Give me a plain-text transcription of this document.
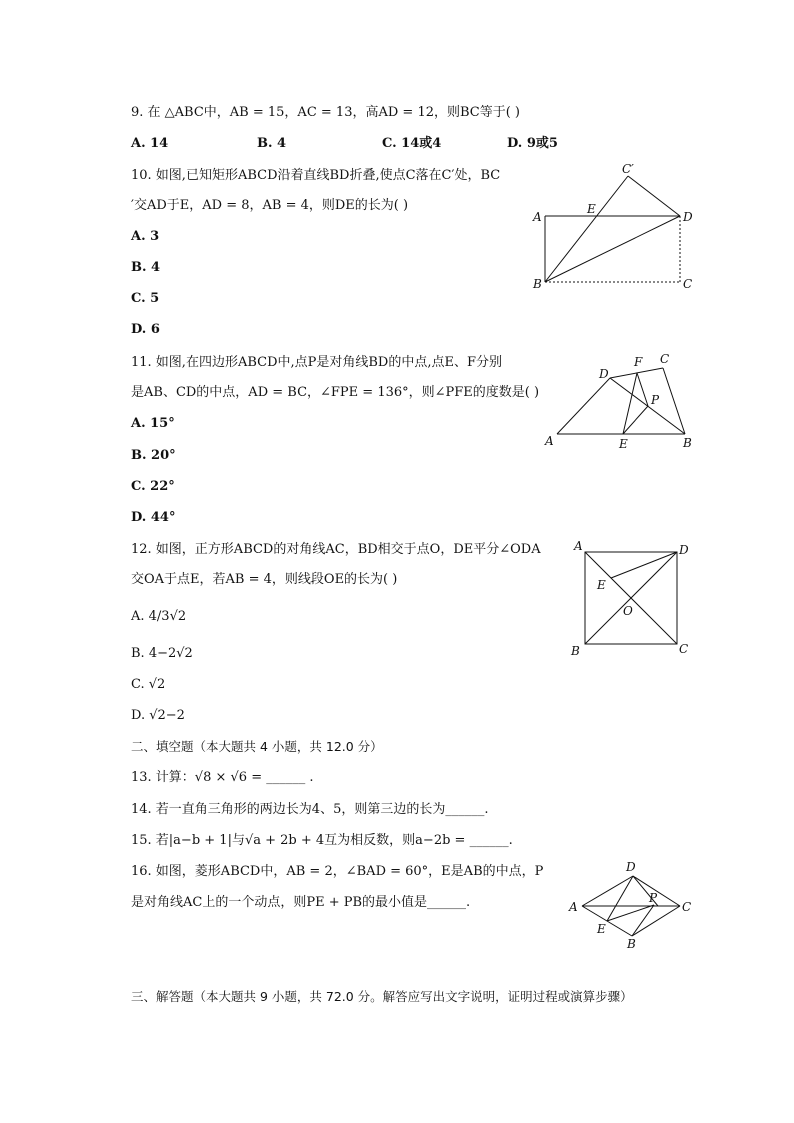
9. 在 △ABC中，AB = 15，AC = 13，高AD = 12，则BC等于( )
A. 14	B. 4	C. 14或4	D. 9或5
10. 如图,已知矩形ABCD沿着直线BD折叠,使点C落在C′处，BC
′交AD于E，AD = 8，AB = 4，则DE的长为( )
A. 3
B. 4
C. 5
D. 6
C′
E
A	D
B	C
11. 如图,在四边形ABCD中,点P是对角线BD的中点,点E、F分别
是AB、CD的中点，AD = BC，∠FPE = 136°，则∠PFE的度数是( )
A. 15°
B. 20°
C. 22°
D. 44°
D
F C
P
A	E	B
12. 如图，正方形ABCD的对角线AC，BD相交于点O，DE平分∠ODA
交OA于点E，若AB = 4，则线段OE的长为( )
A. 4/3√2
B. 4−2√2
C. √2
D. √2−2
A	D
E
O
B	C
二、填空题（本大题共 4 小题，共 12.0 分）
13. 计算：√8 × √6 = ______ .
14. 若一直角三角形的两边长为4、5，则第三边的长为______.
15. 若|a−b + 1|与√a + 2b + 4互为相反数，则a−2b = ______.
16. 如图，菱形ABCD中，AB = 2，∠BAD = 60°，E是AB的中点，P
是对角线AC上的一个动点，则PE + PB的最小值是______.
D
A
P
C
E
B
三、解答题（本大题共 9 小题，共 72.0 分。解答应写出文字说明，证明过程或演算步骤）
